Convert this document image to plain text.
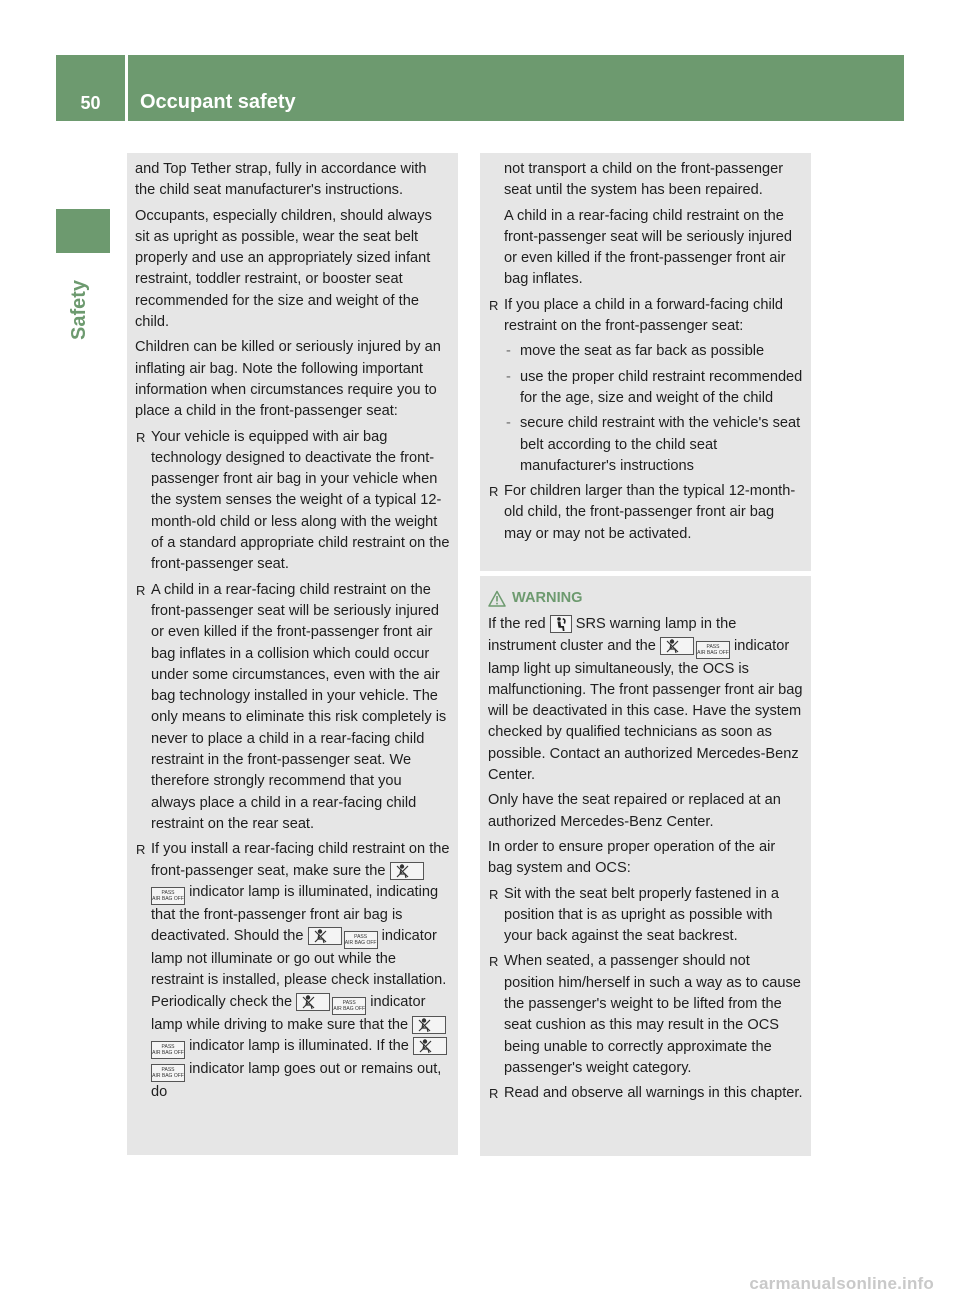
50	Occupant safety
Safety

and Top Tether strap, fully in accordance with the child seat manufacturer's instructions.

Occupants, especially children, should always sit as upright as possible, wear the seat belt properly and use an appropriately sized infant restraint, toddler restraint, or booster seat recommended for the size and weight of the child.

Children can be killed or seriously injured by an inflating air bag. Note the following important information when circumstances require you to place a child in the front-passenger seat:

R Your vehicle is equipped with air bag technology designed to deactivate the front-passenger front air bag in your vehicle when the system senses the weight of a typical 12-month-old child or less along with the weight of a standard appropriate child restraint on the front-passenger seat.
R A child in a rear-facing child restraint on the front-passenger seat will be seriously injured or even killed if the front-passenger front air bag inflates in a collision which could occur under some circumstances, even with the air bag technology installed in your vehicle. The only means to eliminate this risk completely is never to place a child in a rear-facing child restraint in the front-passenger seat. We therefore strongly recommend that you always place a child in a rear-facing child restraint on the rear seat.
R If you install a rear-facing child restraint on the front-passenger seat, make sure the PASS
AIR BAG OFF indicator lamp is illuminated, indicating that the front-passenger front air bag is deactivated. Should the	PASS
AIR BAG OFF indicator lamp not illuminate or go out while the restraint is installed, please check installation. Periodically check the	PASS
AIR BAG OFF indicator lamp while driving to make sure that the PASS
AIR BAG OFF indicator lamp is illuminated. If the PASS
AIR BAG OFF indicator lamp goes out or remains out, do

not transport a child on the front-passenger seat until the system has been repaired.

A child in a rear-facing child restraint on the front-passenger seat will be seriously injured or even killed if the front-passenger front air bag inflates.

R If you place a child in a forward-facing child restraint on the front-passenger seat:
- move the seat as far back as possible
- use the proper child restraint recommended for the age, size and weight of the child
- secure child restraint with the vehicle's seat belt according to the child seat manufacturer's instructions
R For children larger than the typical 12-month-old child, the front-passenger front air bag may or may not be activated.
WARNING

If the red SRS warning lamp in the instrument cluster and the	PASS
AIR BAG OFF indicator lamp light up simultaneously, the OCS is malfunctioning. The front passenger front air bag will be deactivated in this case. Have the system checked by qualified technicians as soon as possible. Contact an authorized Mercedes-Benz Center.

Only have the seat repaired or replaced at an authorized Mercedes-Benz Center.

In order to ensure proper operation of the air bag system and OCS:

R Sit with the seat belt properly fastened in a position that is as upright as possible with your back against the seat backrest.
R When seated, a passenger should not position him/herself in such a way as to cause the passenger's weight to be lifted from the seat cushion as this may result in the OCS being unable to correctly approximate the passenger's weight category.
R Read and observe all warnings in this chapter.
carmanualsonline.info
